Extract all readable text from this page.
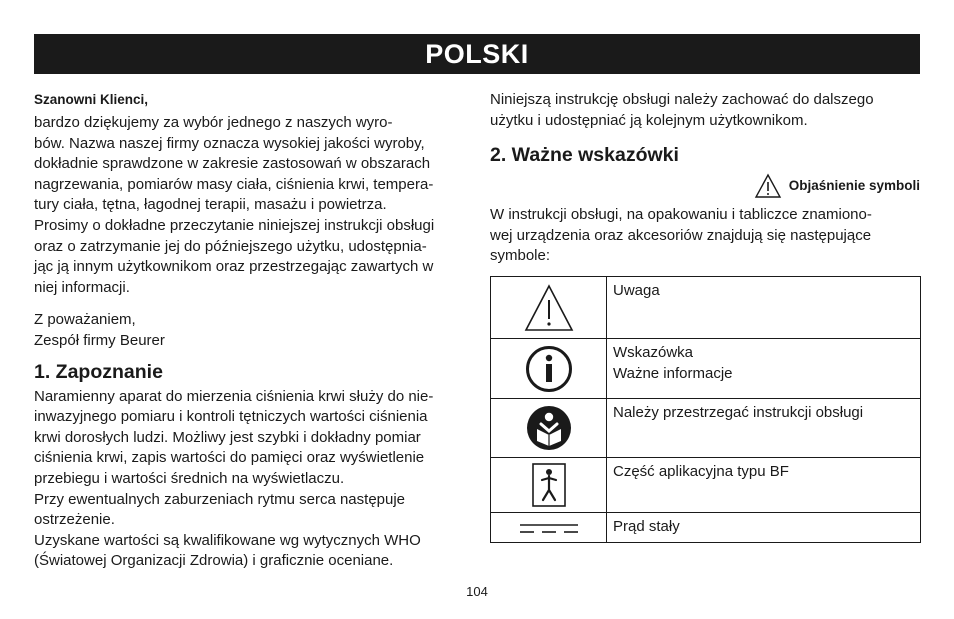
POLSKI

Szanowni Klienci,

bardzo dziękujemy za wybór jednego z naszych wyro-
bów. Nazwa naszej firmy oznacza wysokiej jakości wyroby,
dokładnie sprawdzone w zakresie zastosowań w obszarach
nagrzewania, pomiarów masy ciała, ciśnienia krwi, tempera-
tury ciała, tętna, łagodnej terapii, masażu i powietrza.
Prosimy o dokładne przeczytanie niniejszej instrukcji obsługi
oraz o zatrzymanie jej do późniejszego użytku, udostępnia-
jąc ją innym użytkownikom oraz przestrzegając zawartych w
niej informacji.
Z poważaniem,
Zespół firmy Beurer
1. Zapoznanie
Naramienny aparat do mierzenia ciśnienia krwi służy do nie-
inwazyjnego pomiaru i kontroli tętniczych wartości ciśnienia
krwi dorosłych ludzi. Możliwy jest szybki i dokładny pomiar
ciśnienia krwi, zapis wartości do pamięci oraz wyświetlenie
przebiegu i wartości średnich na wyświetlaczu.
Przy ewentualnych zaburzeniach rytmu serca następuje
ostrzeżenie.
Uzyskane wartości są kwalifikowane wg wytycznych WHO
(Światowej Organizacji Zdrowia) i graficznie oceniane.
Niniejszą instrukcję obsługi należy zachować do dalszego
użytku i udostępniać ją kolejnym użytkownikom.
2. Ważne wskazówki
Objaśnienie symboli
W instrukcji obsługi, na opakowaniu i tabliczce znamiono-
wej urządzenia oraz akcesoriów znajdują się następujące
symbole:

Uwaga

Wskazówka
Ważne informacje

Należy przestrzegać instrukcji obsługi

Część aplikacyjna typu BF

Prąd stały
104
